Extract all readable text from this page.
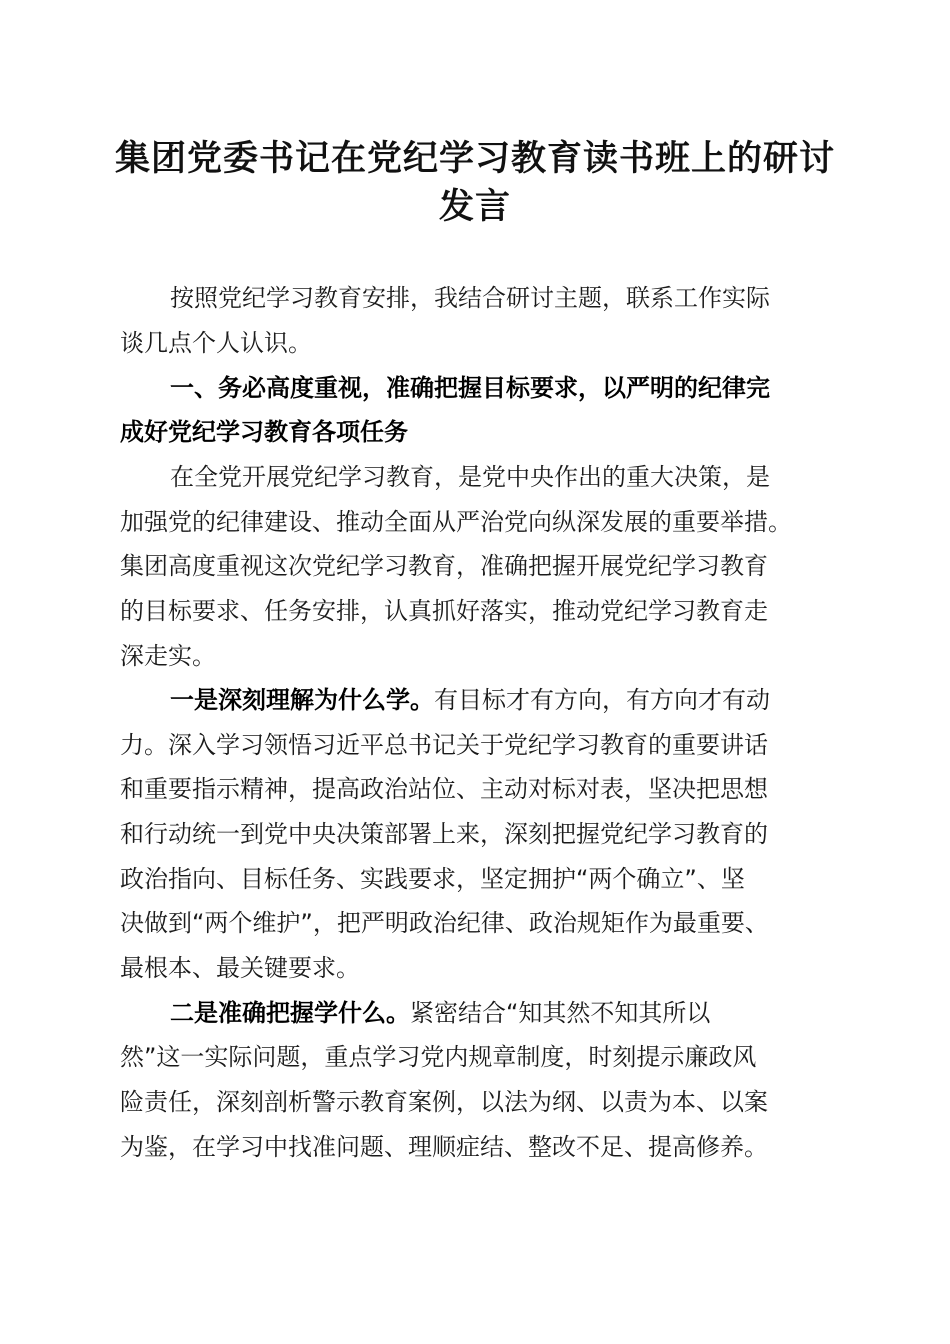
集团党委书记在党纪学习教育读书班上的研讨
发言

按照党纪学习教育安排，我结合研讨主题，联系工作实际

谈几点个人认识。

一、务必高度重视，准确把握目标要求，以严明的纪律完

成好党纪学习教育各项任务

在全党开展党纪学习教育，是党中央作出的重大决策，是

加强党的纪律建设、推动全面从严治党向纵深发展的重要举措。

集团高度重视这次党纪学习教育，准确把握开展党纪学习教育

的目标要求、任务安排，认真抓好落实，推动党纪学习教育走

深走实。

一是深刻理解为什么学。有目标才有方向，有方向才有动

力。深入学习领悟习近平总书记关于党纪学习教育的重要讲话

和重要指示精神，提高政治站位、主动对标对表，坚决把思想

和行动统一到党中央决策部署上来，深刻把握党纪学习教育的

政治指向、目标任务、实践要求，坚定拥护“两个确立”、坚

决做到“两个维护”，把严明政治纪律、政治规矩作为最重要、

最根本、最关键要求。

二是准确把握学什么。紧密结合“知其然不知其所以

然”这一实际问题，重点学习党内规章制度，时刻提示廉政风

险责任，深刻剖析警示教育案例，以法为纲、以责为本、以案

为鉴，在学习中找准问题、理顺症结、整改不足、提高修养。
